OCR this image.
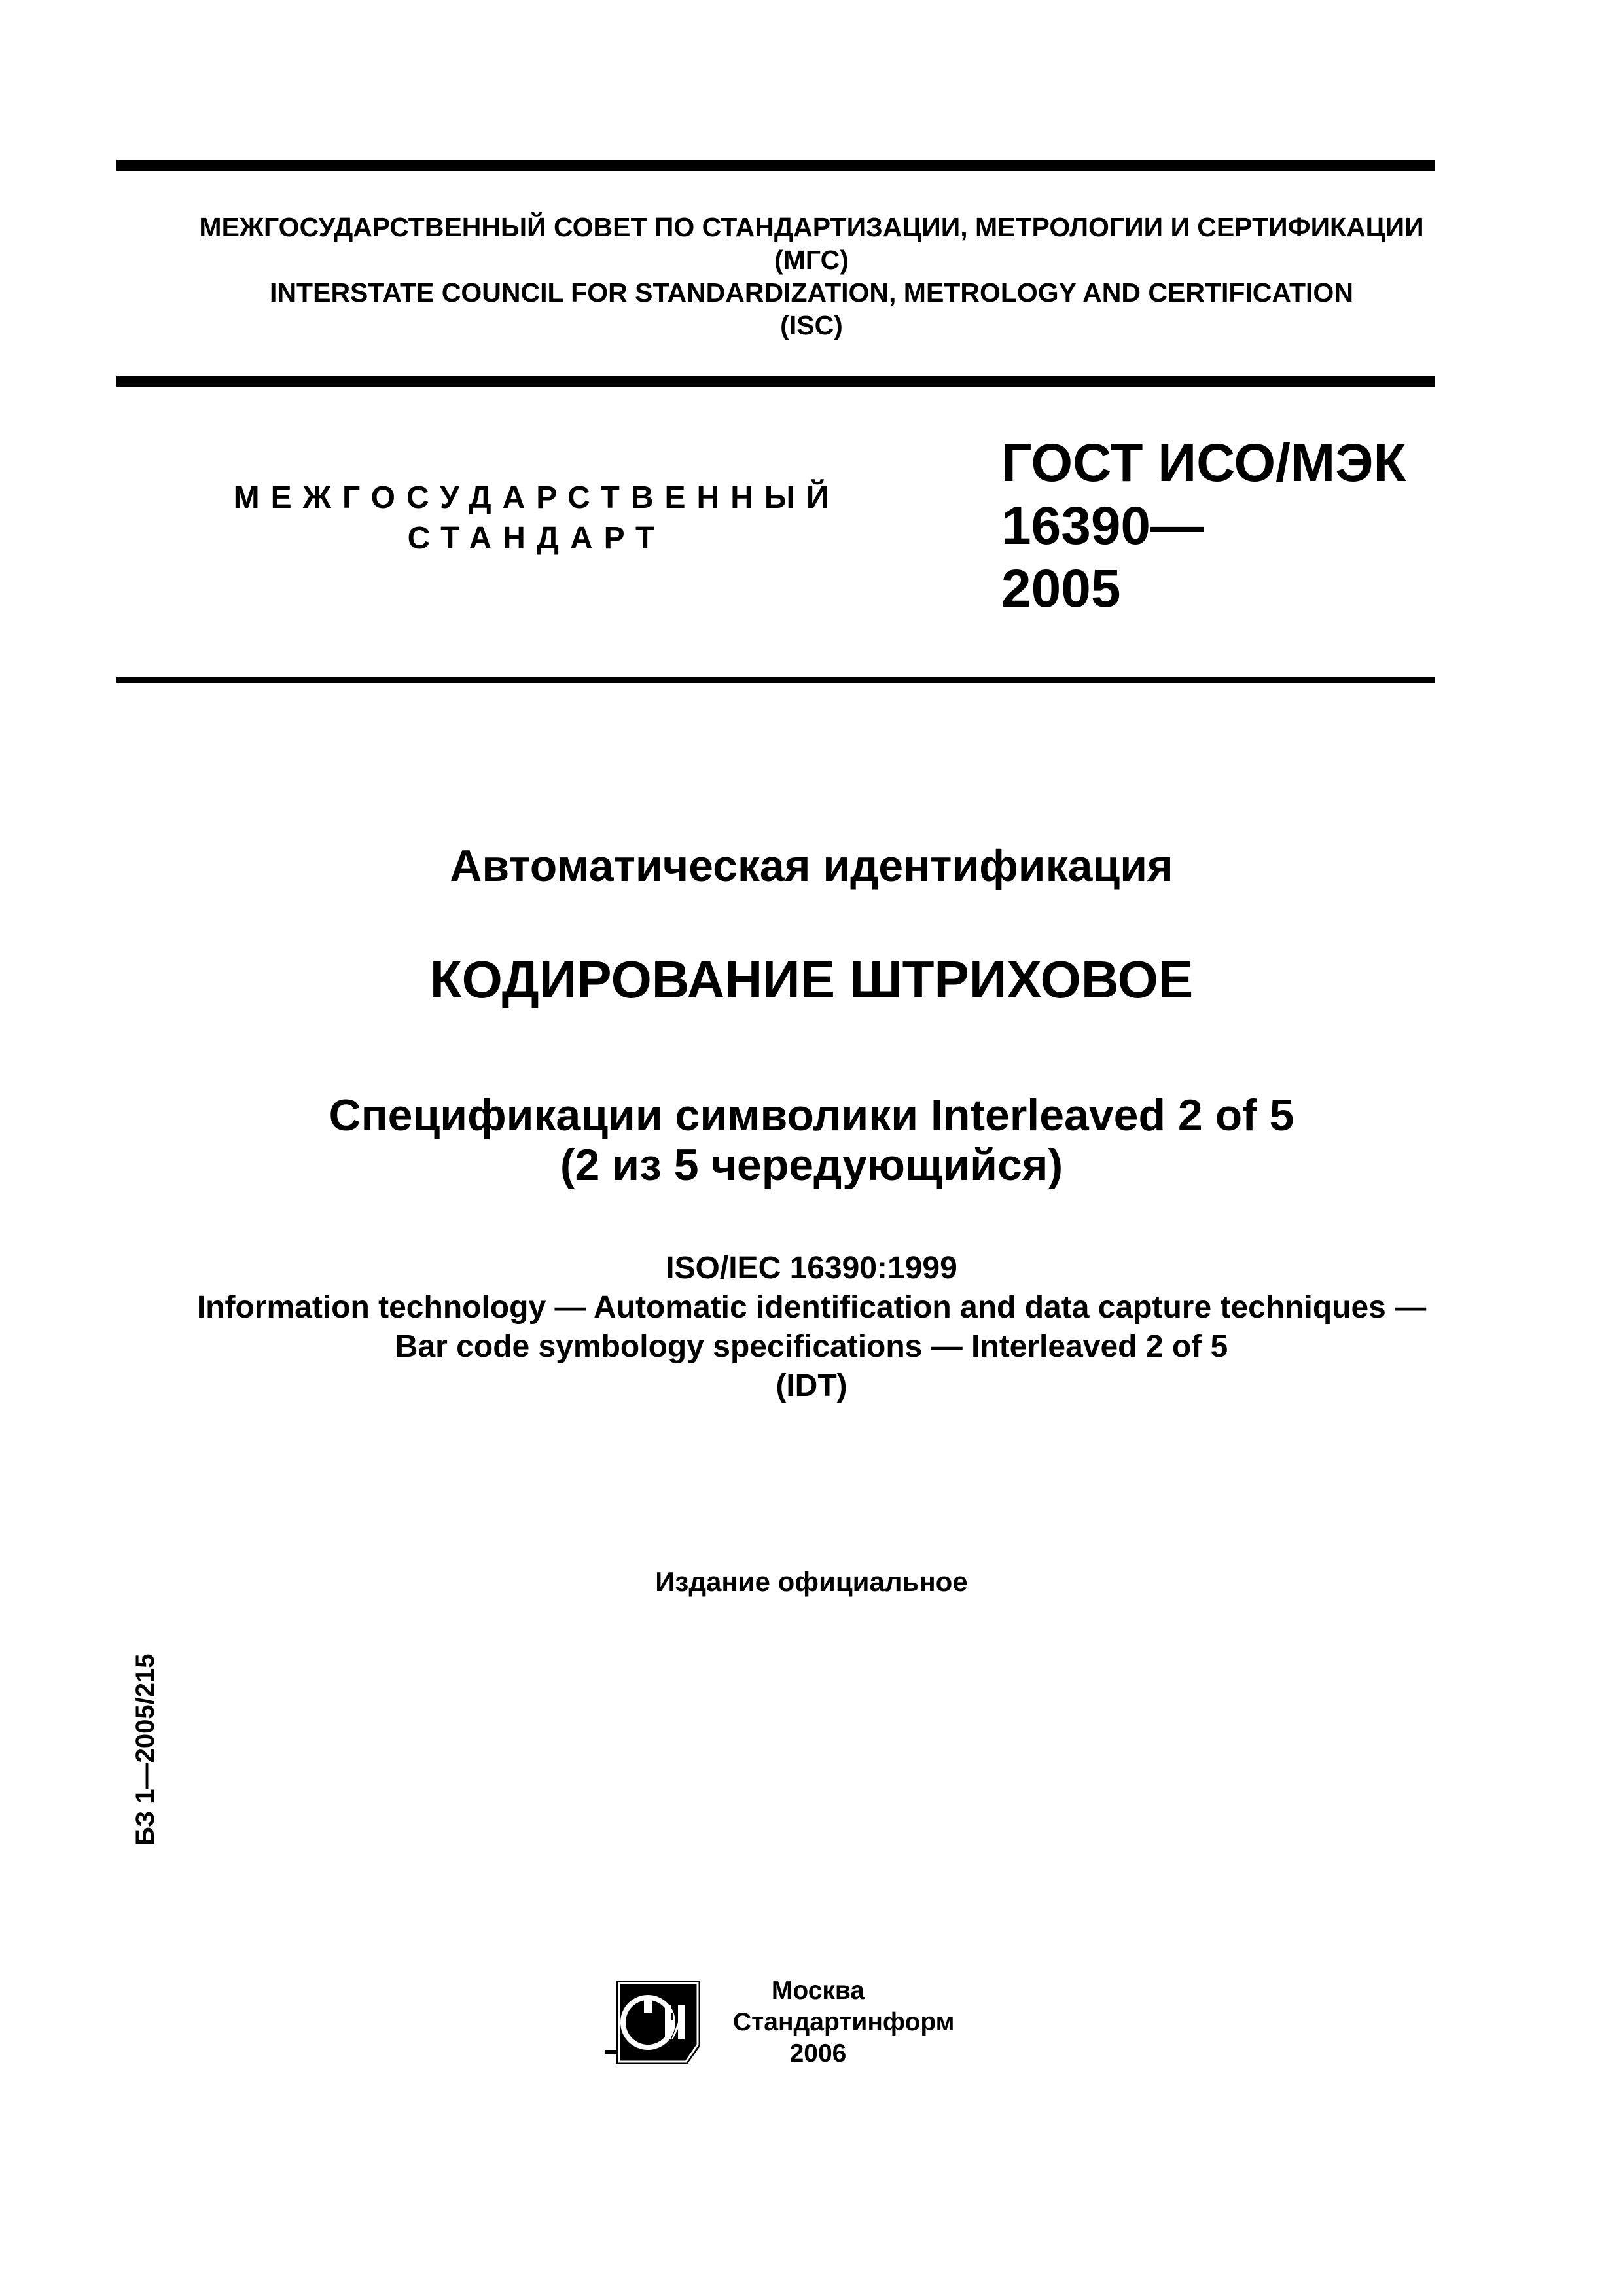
МЕЖГОСУДАРСТВЕННЫЙ СОВЕТ ПО СТАНДАРТИЗАЦИИ, МЕТРОЛОГИИ И СЕРТИФИКАЦИИ
(МГС)
INTERSTATE COUNCIL FOR STANDARDIZATION, METROLOGY AND CERTIFICATION
(ISC)
МЕЖГОСУДАРСТВЕННЫЙ
СТАНДАРТ
ГОСТ ИСО/МЭК
16390—
2005
Автоматическая идентификация
КОДИРОВАНИЕ ШТРИХОВОЕ
Спецификации символики Interleaved 2 of 5
(2 из 5 чередующийся)
ISO/IEC 16390:1999
Information technology — Automatic identification and data capture techniques —
Bar code symbology specifications — Interleaved 2 of 5
(IDT)
Издание официальное
БЗ 1—2005/215
Москва
Стандартинформ
2006
